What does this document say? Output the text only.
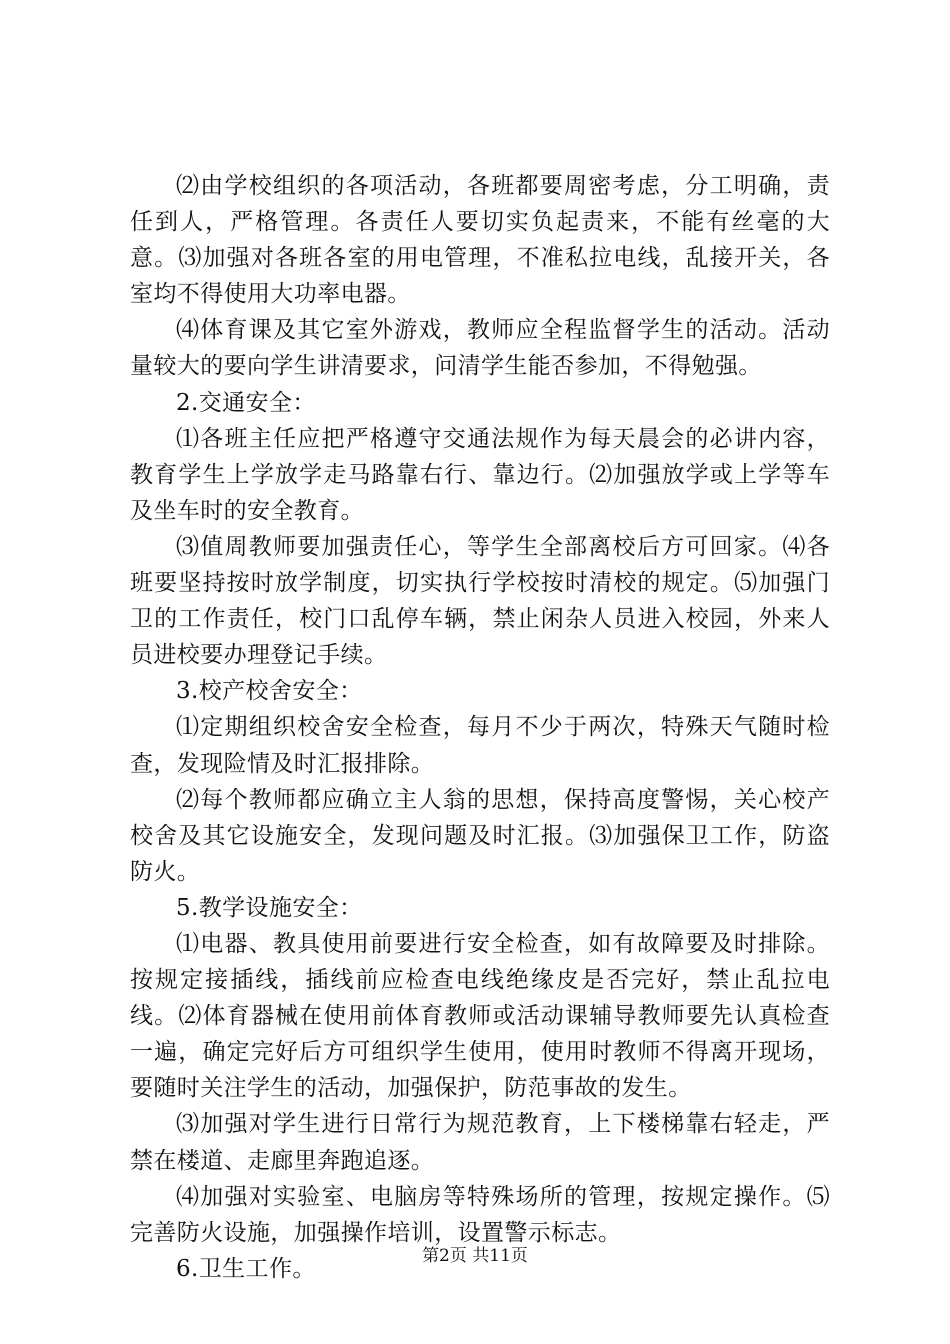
⑵由学校组织的各项活动，各班都要周密考虑，分工明确，责任到人，严格管理。各责任人要切实负起责来，不能有丝毫的大意。⑶加强对各班各室的用电管理，不准私拉电线，乱接开关，各室均不得使用大功率电器。

⑷体育课及其它室外游戏，教师应全程监督学生的活动。活动量较大的要向学生讲清要求，问清学生能否参加，不得勉强。

2.交通安全：

⑴各班主任应把严格遵守交通法规作为每天晨会的必讲内容，教育学生上学放学走马路靠右行、靠边行。⑵加强放学或上学等车及坐车时的安全教育。

⑶值周教师要加强责任心，等学生全部离校后方可回家。⑷各班要坚持按时放学制度，切实执行学校按时清校的规定。⑸加强门卫的工作责任，校门口乱停车辆，禁止闲杂人员进入校园，外来人员进校要办理登记手续。

3.校产校舍安全：

⑴定期组织校舍安全检查，每月不少于两次，特殊天气随时检查，发现险情及时汇报排除。

⑵每个教师都应确立主人翁的思想，保持高度警惕，关心校产校舍及其它设施安全，发现问题及时汇报。⑶加强保卫工作，防盗防火。

5.教学设施安全：

⑴电器、教具使用前要进行安全检查，如有故障要及时排除。按规定接插线，插线前应检查电线绝缘皮是否完好，禁止乱拉电线。⑵体育器械在使用前体育教师或活动课辅导教师要先认真检查一遍，确定完好后方可组织学生使用，使用时教师不得离开现场，要随时关注学生的活动，加强保护，防范事故的发生。

⑶加强对学生进行日常行为规范教育，上下楼梯靠右轻走，严禁在楼道、走廊里奔跑追逐。

⑷加强对实验室、电脑房等特殊场所的管理，按规定操作。⑸完善防火设施，加强操作培训，设置警示标志。

6.卫生工作。	第2页 共11页
